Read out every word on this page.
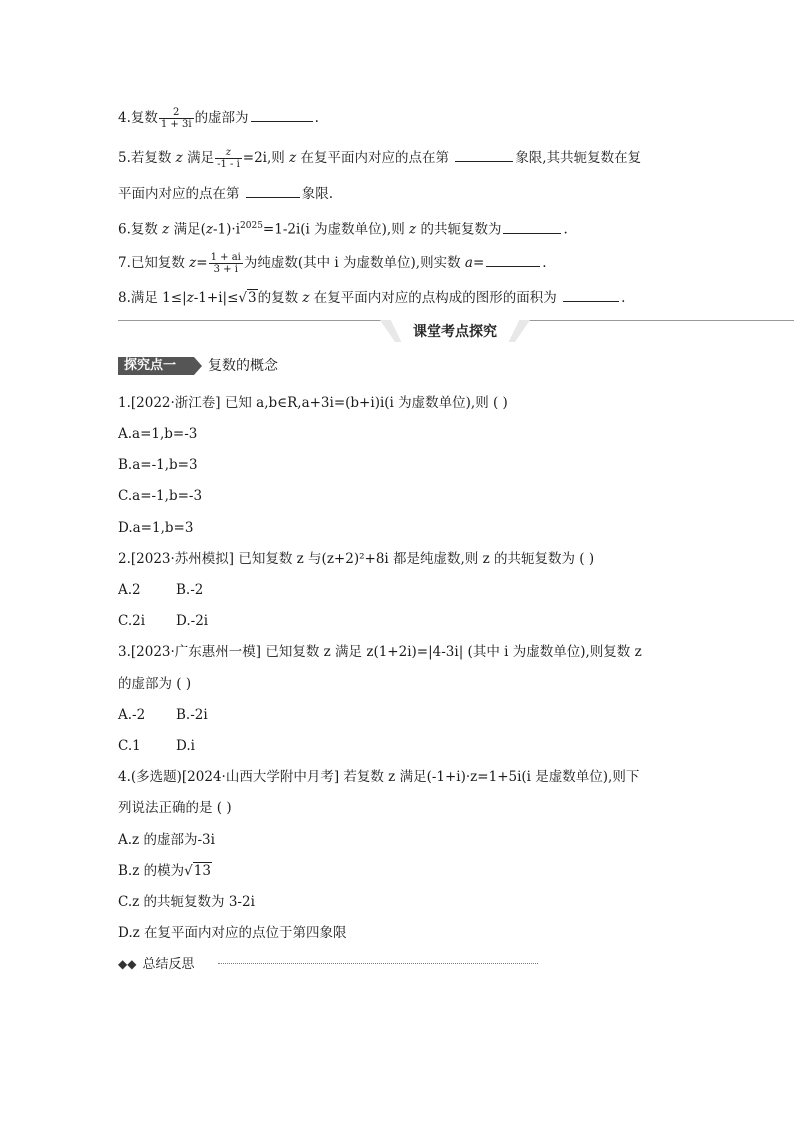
4.复数 $\frac{2}{1 + 3i}$ 的虚部为	.
5.若复数 z 满足 $\frac{z}{-1 - i} =2i$,则 z 在复平面内对应的点在第	象限,其共轭复数在复
平面内对应的点在第	象限.
6.复数 z 满足$(z-1)\cdot i^{2025}=1-2i(i$ 为虚数单位),则 z 的共轭复数为	.
7.已知复数 $z= \frac{1 + ai}{3 + i}$ 为纯虚数(其中 i 为虚数单位),则实数 a=	.
8.满足 1≤|z-1+i|≤√3的复数 z 在复平面内对应的点构成的图形的面积为	.
课堂考点探究
探究点一 复数的概念
1.[2022·浙江卷] 已知 a,b∈R,a+3i=(b+i)i(i 为虚数单位),则 ( )
A.a=1,b=-3
B.a=-1,b=3
C.a=-1,b=-3
D.a=1,b=3
2.[2023·苏州模拟] 已知复数 z 与(z+2)²+8i 都是纯虚数,则 z 的共轭复数为 ( )
A.2	B.-2
C.2i D.-2i
3.[2023·广东惠州一模] 已知复数 z 满足 z(1+2i)=|4-3i| (其中 i 为虚数单位),则复数 z
的虚部为 ( )
A.-2 B.-2i
C.1	D.i
4.(多选题)[2024·山西大学附中月考] 若复数 z 满足(-1+i)·z=1+5i(i 是虚数单位),则下
列说法正确的是 ( )
A.z 的虚部为-3i
B.z 的模为√13
C.z 的共轭复数为 3-2i
D.z 在复平面内对应的点位于第四象限
◆◆ 总结反思
